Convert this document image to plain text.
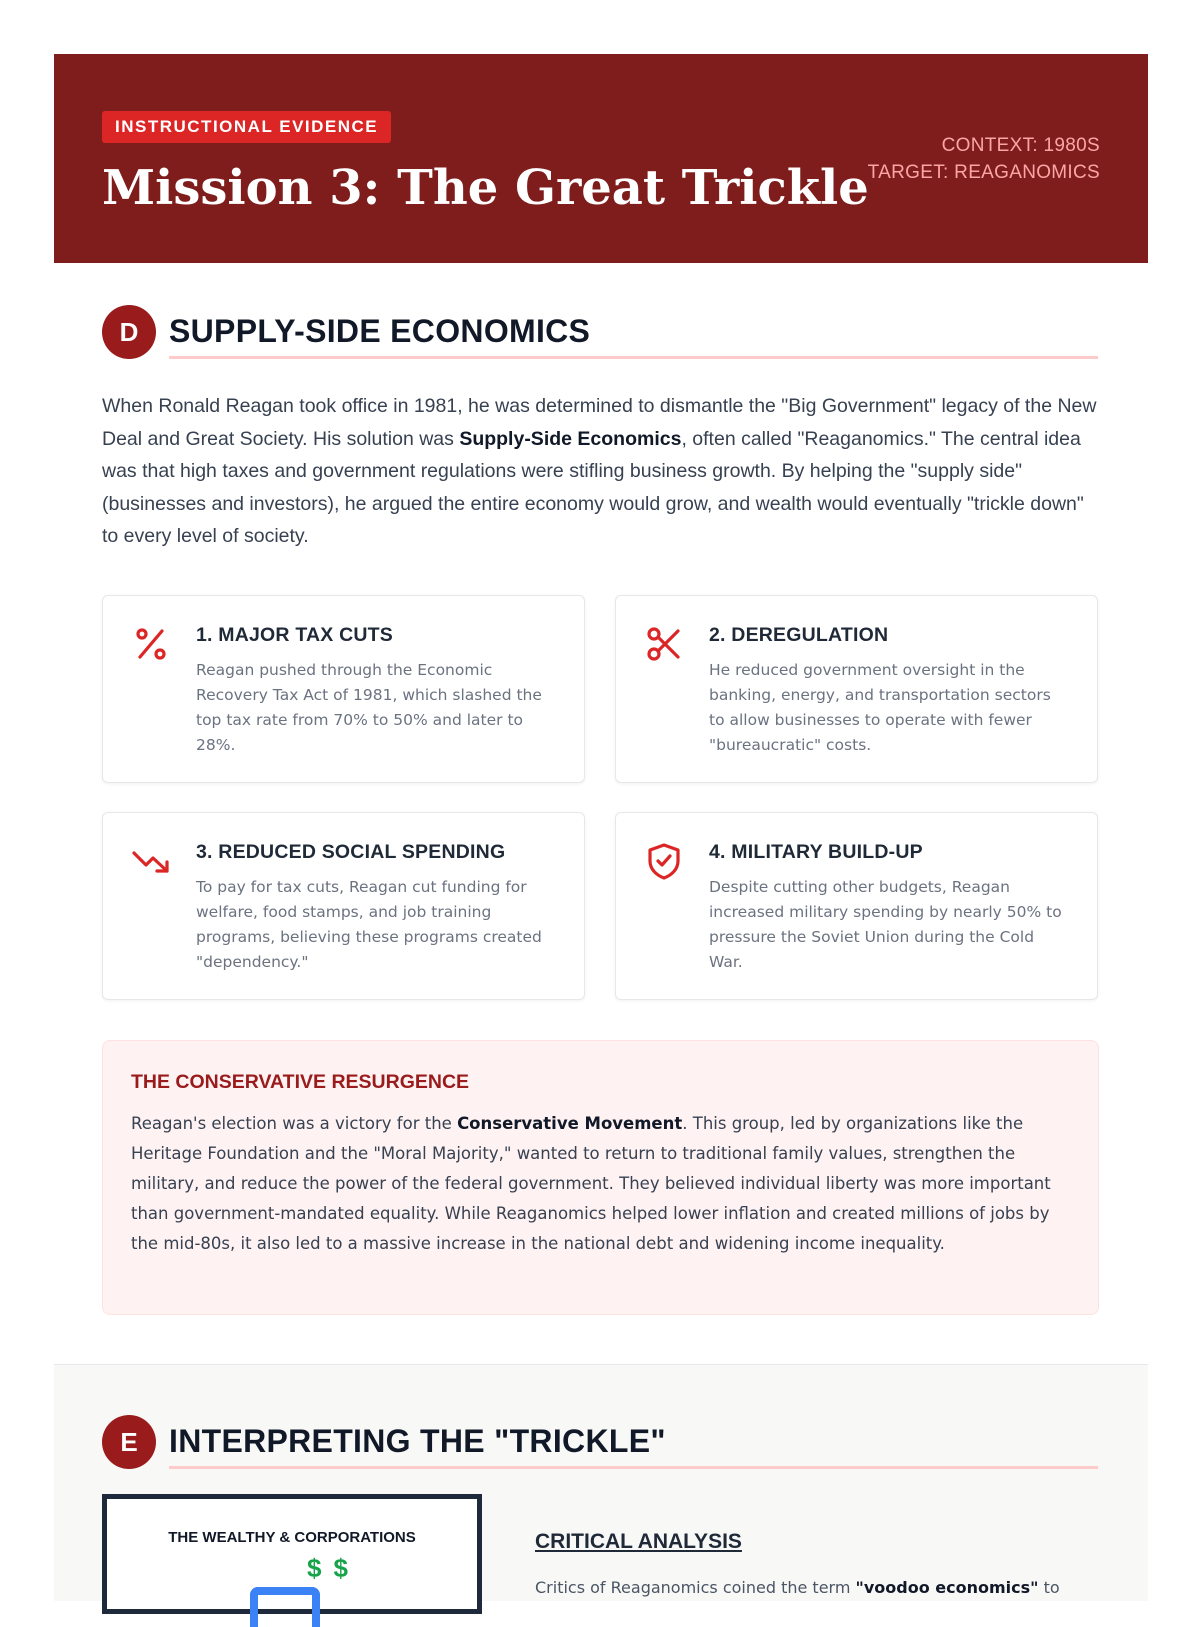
INSTRUCTIONAL EVIDENCE
Mission 3: The Great Trickle
CONTEXT: 1980S
TARGET: REAGANOMICS
D SUPPLY-SIDE ECONOMICS
When Ronald Reagan took office in 1981, he was determined to dismantle the "Big Government" legacy of the New Deal and Great Society. His solution was Supply-Side Economics, often called "Reaganomics." The central idea was that high taxes and government regulations were stifling business growth. By helping the "supply side" (businesses and investors), he argued the entire economy would grow, and wealth would eventually "trickle down" to every level of society.
1. MAJOR TAX CUTS
Reagan pushed through the Economic Recovery Tax Act of 1981, which slashed the top tax rate from 70% to 50% and later to 28%.
2. DEREGULATION
He reduced government oversight in the banking, energy, and transportation sectors to allow businesses to operate with fewer "bureaucratic" costs.
3. REDUCED SOCIAL SPENDING
To pay for tax cuts, Reagan cut funding for welfare, food stamps, and job training programs, believing these programs created "dependency."
4. MILITARY BUILD-UP
Despite cutting other budgets, Reagan increased military spending by nearly 50% to pressure the Soviet Union during the Cold War.
THE CONSERVATIVE RESURGENCE
Reagan's election was a victory for the Conservative Movement. This group, led by organizations like the Heritage Foundation and the "Moral Majority," wanted to return to traditional family values, strengthen the military, and reduce the power of the federal government. They believed individual liberty was more important than government-mandated equality. While Reaganomics helped lower inflation and created millions of jobs by the mid-80s, it also led to a massive increase in the national debt and widening income inequality.
E INTERPRETING THE "TRICKLE"
THE WEALTHY & CORPORATIONS
$ $
CRITICAL ANALYSIS
Critics of Reaganomics coined the term "voodoo economics" to
